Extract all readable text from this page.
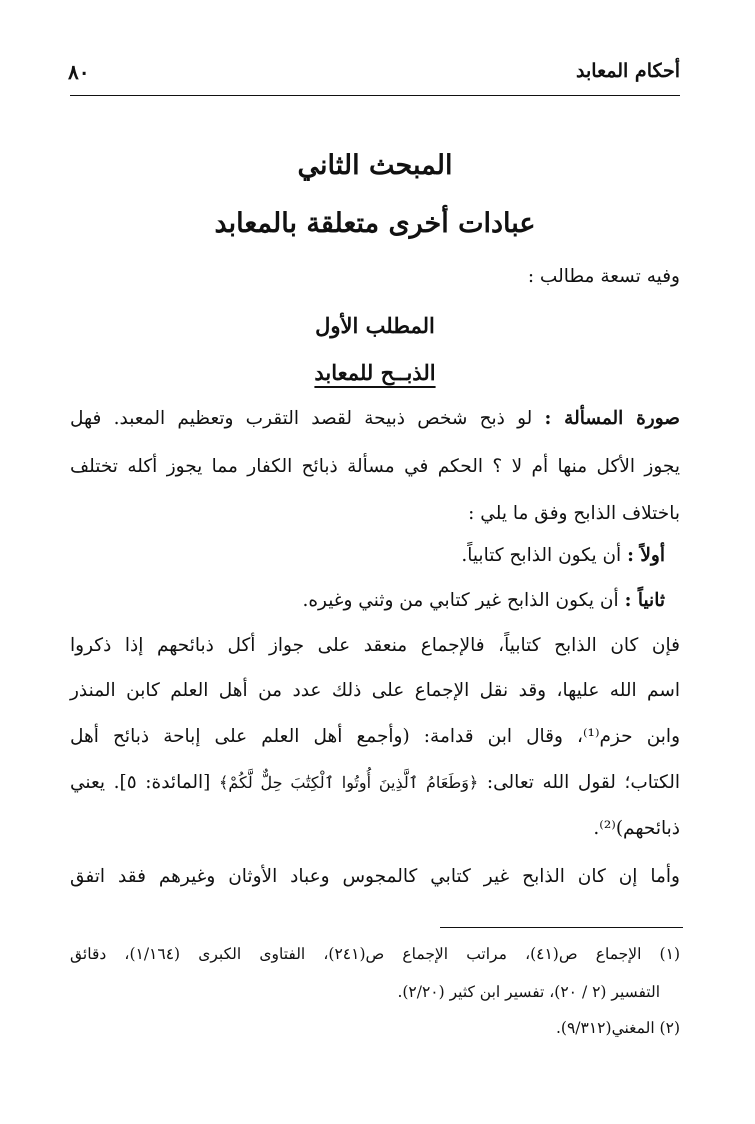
أحكام المعابد
٨٠
المبحث الثاني
عبادات أخرى متعلقة بالمعابد
وفيه تسعة مطالب :
المطلب الأول
الذبــح للمعابد
صورة المسألة : لو ذبح شخص ذبيحة لقصد التقرب وتعظيم المعبد. فهل
يجوز الأكل منها أم لا ؟ الحكم في مسألة ذبائح الكفار مما يجوز أكله تختلف
باختلاف الذابح وفق ما يلي :
أولاً : أن يكون الذابح كتابياً.
ثانياً : أن يكون الذابح غير كتابي من وثني وغيره.
فإن كان الذابح كتابياً، فالإجماع منعقد على جواز أكل ذبائحهم إذا ذكروا
اسم الله عليها، وقد نقل الإجماع على ذلك عدد من أهل العلم كابن المنذر
وابن حزم⁽¹⁾، وقال ابن قدامة: (وأجمع أهل العلم على إباحة ذبائح أهل
الكتاب؛ لقول الله تعالى: ﴿وَطَعَامُ ٱلَّذِينَ أُوتُوا ٱلْكِتَٰبَ حِلٌّ لَّكُمْ﴾ [المائدة: ٥]. يعني
ذبائحهم)⁽²⁾.
وأما إن كان الذابح غير كتابي كالمجوس وعباد الأوثان وغيرهم فقد اتفق
(١) الإجماع ص(٤١)، مراتب الإجماع ص(٢٤١)، الفتاوى الكبرى (١/١٦٤)، دقائق
التفسير (٢ / ٢٠)، تفسير ابن كثير (٢/٢٠).
(٢) المغني(٩/٣١٢).
